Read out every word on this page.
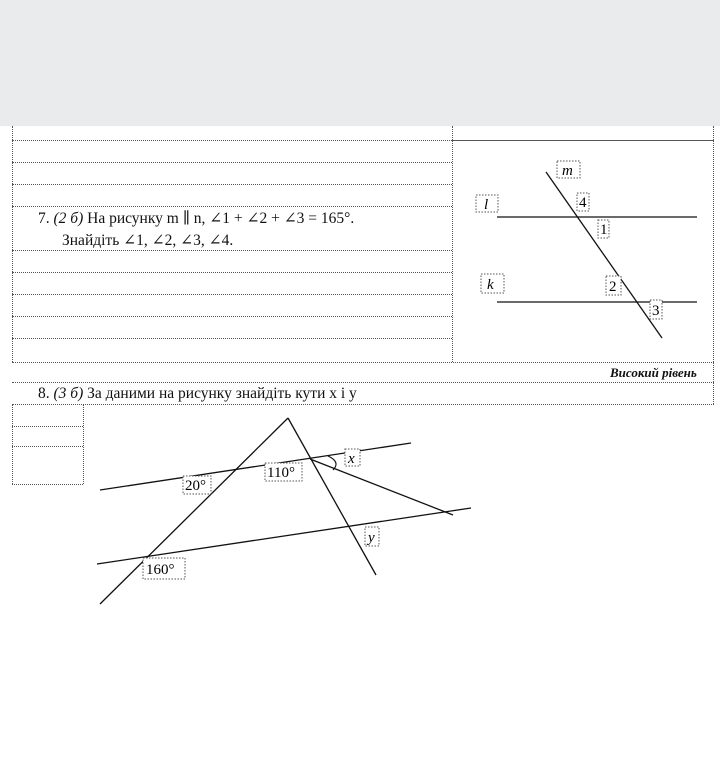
7. (2 б) На рисунку m ∥ n, ∠1 + ∠2 + ∠3 = 165°.
Знайдіть ∠1, ∠2, ∠3, ∠4.
Високий рівень
8. (3 б) За даними на рисунку знайдіть кути x і y
m
l
k
4
1
2
3
20°
110°
x
y
160°
